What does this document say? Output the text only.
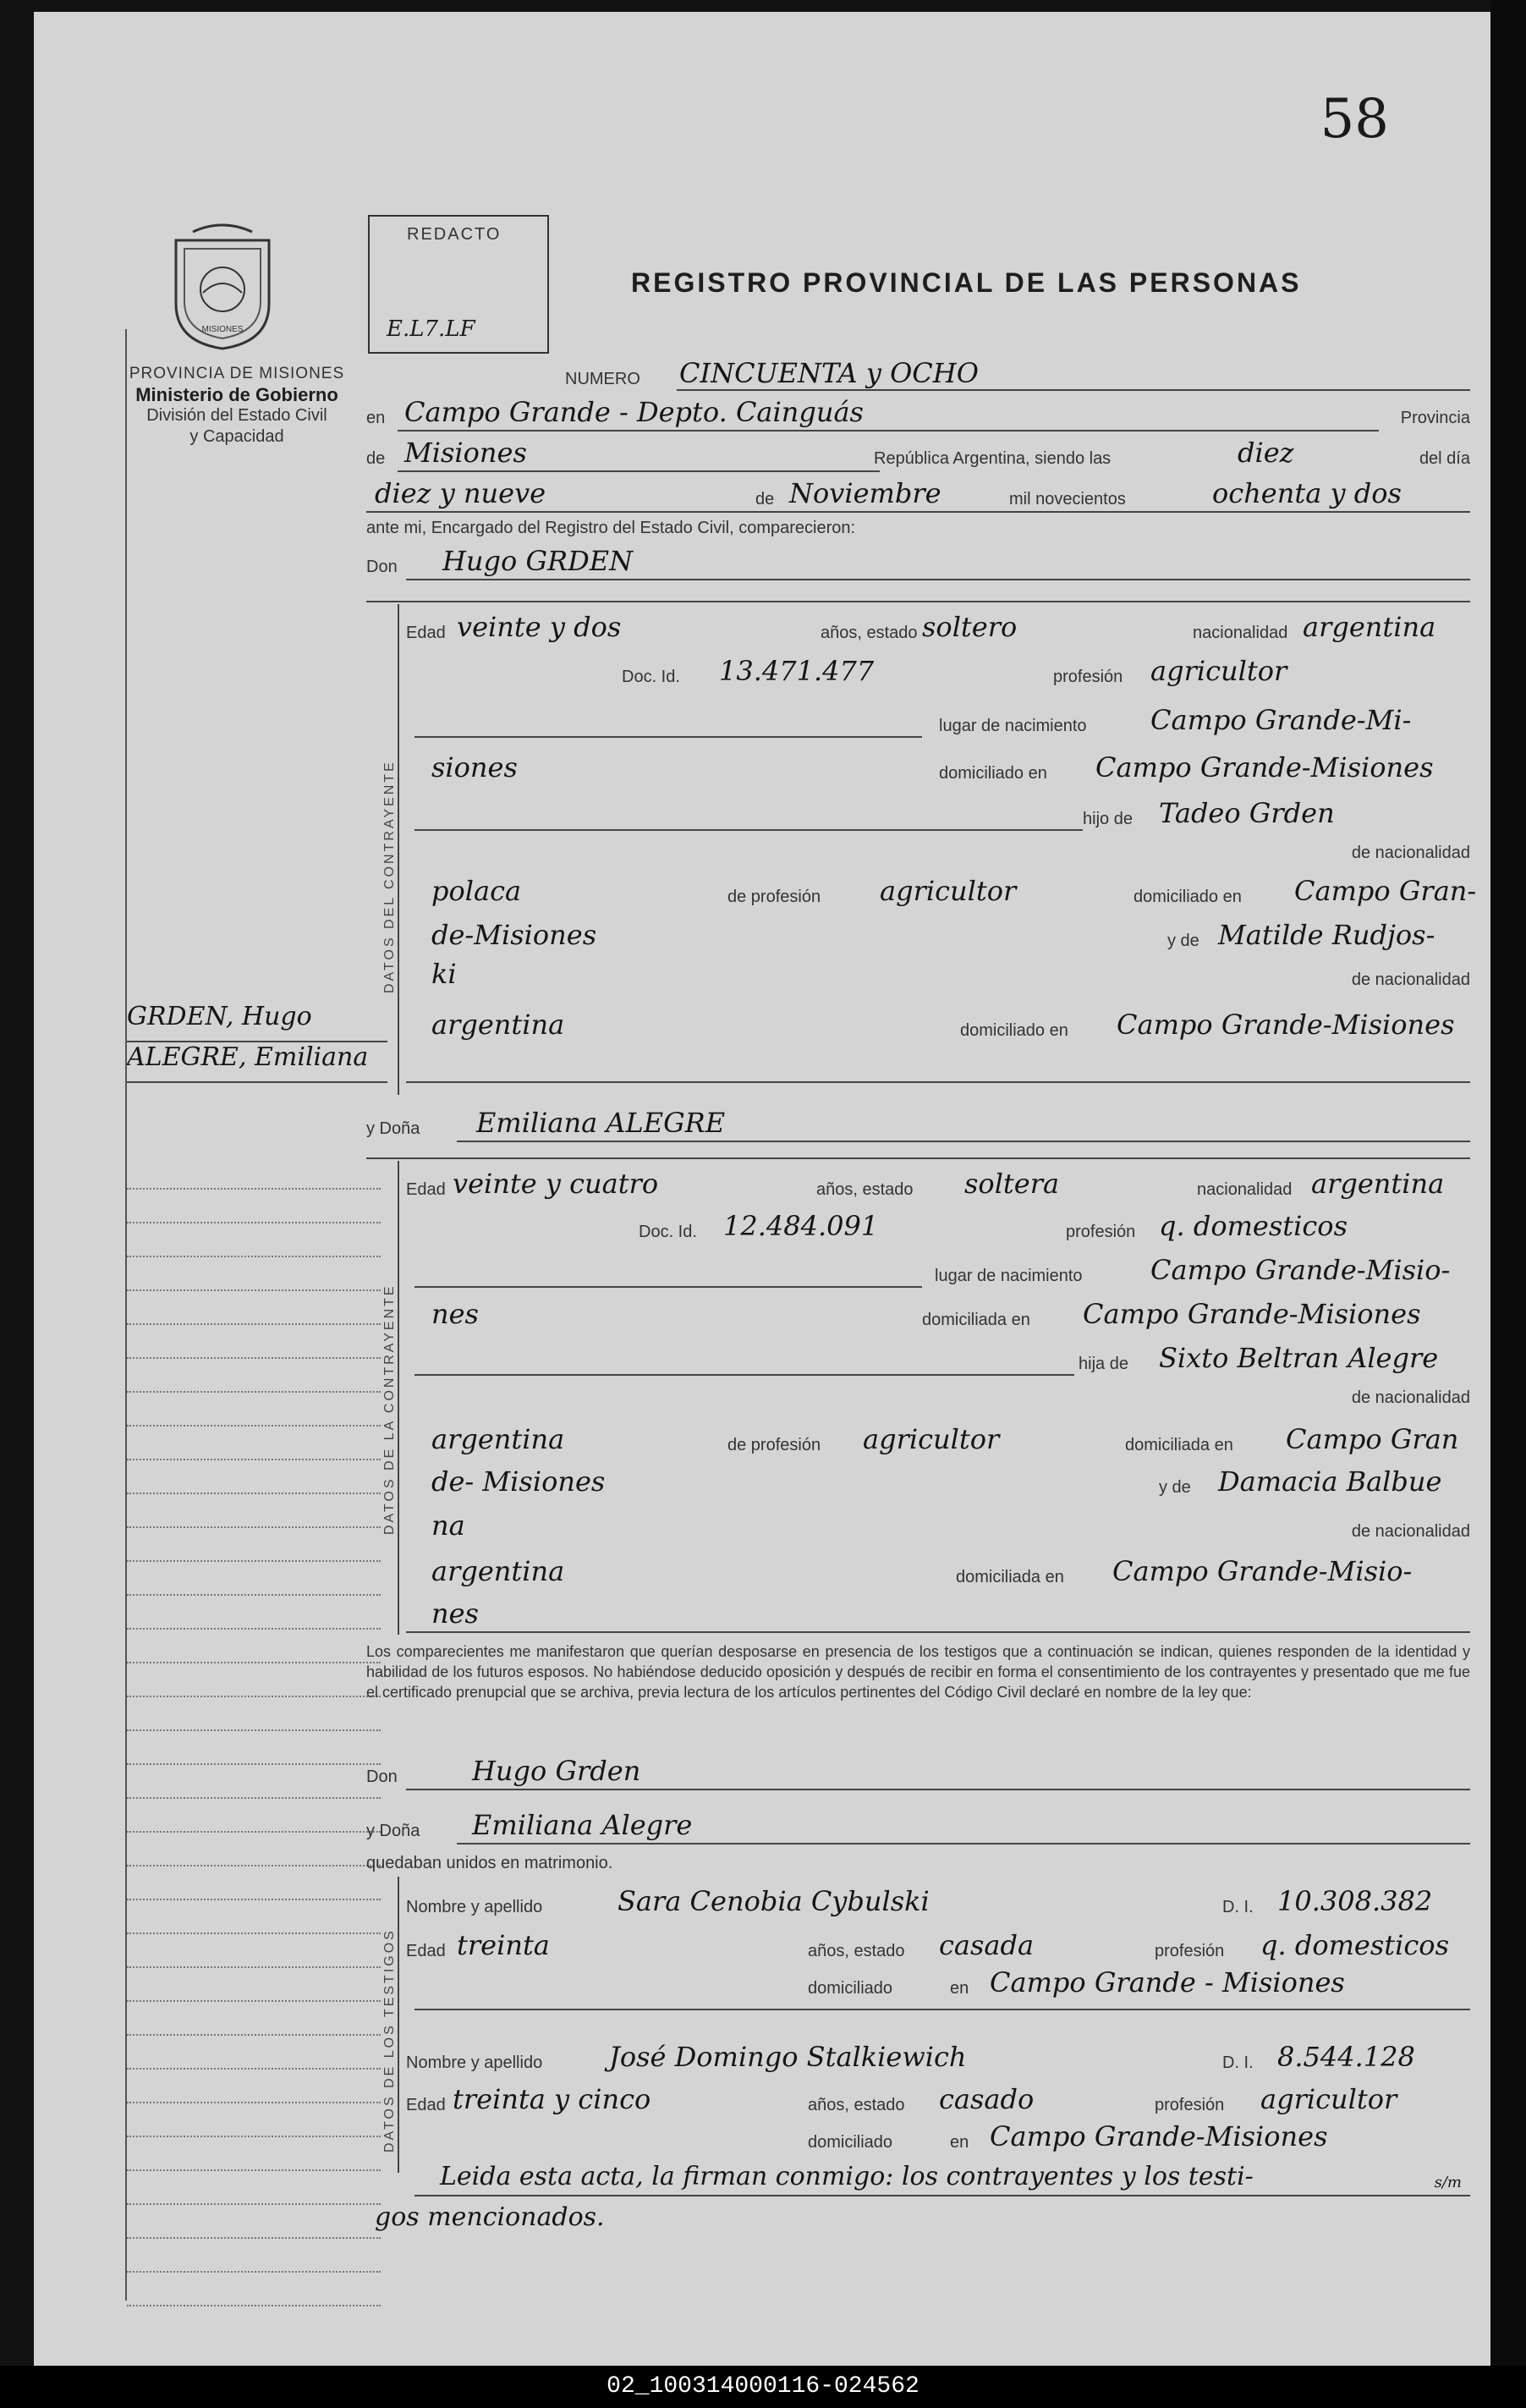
58
MISIONES
PROVINCIA DE MISIONES
Ministerio de Gobierno
División del Estado Civil
y Capacidad
GRDEN, Hugo
ALEGRE, Emiliana
REDACTO
E.L7.LF
REGISTRO PROVINCIAL DE LAS PERSONAS
NUMERO CINCUENTA y OCHO
en Campo Grande - Depto. Cainguás	Provincia
de Misiones	República Argentina, siendo las	diez	del día
diez y nueve	de Noviembre	mil novecientos	ochenta y dos
ante mi, Encargado del Registro del Estado Civil, comparecieron:
Don Hugo GRDEN
DATOS DEL CONTRAYENTE
Edad veinte y dos	años, estado soltero	nacionalidad argentina
Doc. Id. 13.471.477	profesión agricultor
lugar de nacimiento Campo Grande-Mi-
siones	domiciliado en Campo Grande-Misiones
hijo de Tadeo Grden
de nacionalidad
polaca	de profesión agricultor	domiciliado en Campo Gran-
de-Misiones	y de Matilde Rudjos-
ki	de nacionalidad
argentina	domiciliado en Campo Grande-Misiones
y Doña Emiliana ALEGRE
DATOS DE LA CONTRAYENTE
Edad veinte y cuatro	años, estado soltera	nacionalidad argentina
Doc. Id. 12.484.091	profesión q. domesticos
lugar de nacimiento	Campo Grande-Misio-
nes	domiciliada en Campo Grande-Misiones
hija de Sixto Beltran Alegre
de nacionalidad
argentina	de profesión agricultor	domiciliada en Campo Gran
de- Misiones	y de Damacia Balbue
na	de nacionalidad
argentina	domiciliada en Campo Grande-Misio-
nes
Los comparecientes me manifestaron que querían desposarse en presencia de los testigos que a continuación se indican, quienes responden de la identidad y habilidad de los futuros esposos. No habiéndose deducido oposición y después de recibir en forma el consentimiento de los contrayentes y presentado que me fue el certificado prenupcial que se archiva, previa lectura de los artículos pertinentes del Código Civil declaré en nombre de la ley que:
Don	Hugo Grden
y Doña Emiliana Alegre
quedaban unidos en matrimonio.
DATOS DE LOS TESTIGOS
Nombre y apellido	Sara Cenobia Cybulski	D. I. 10.308.382
Edad treinta	años, estado casada	profesión q. domesticos
domiciliado	en Campo Grande - Misiones
Nombre y apellido José Domingo Stalkiewich	D. I. 8.544.128
Edad treinta y cinco	años, estado casado	profesión agricultor
domiciliado	en Campo Grande-Misiones
Leida esta acta, la firman conmigo: los contrayentes y los testi-	s/m
gos mencionados.
02_100314000116-024562
